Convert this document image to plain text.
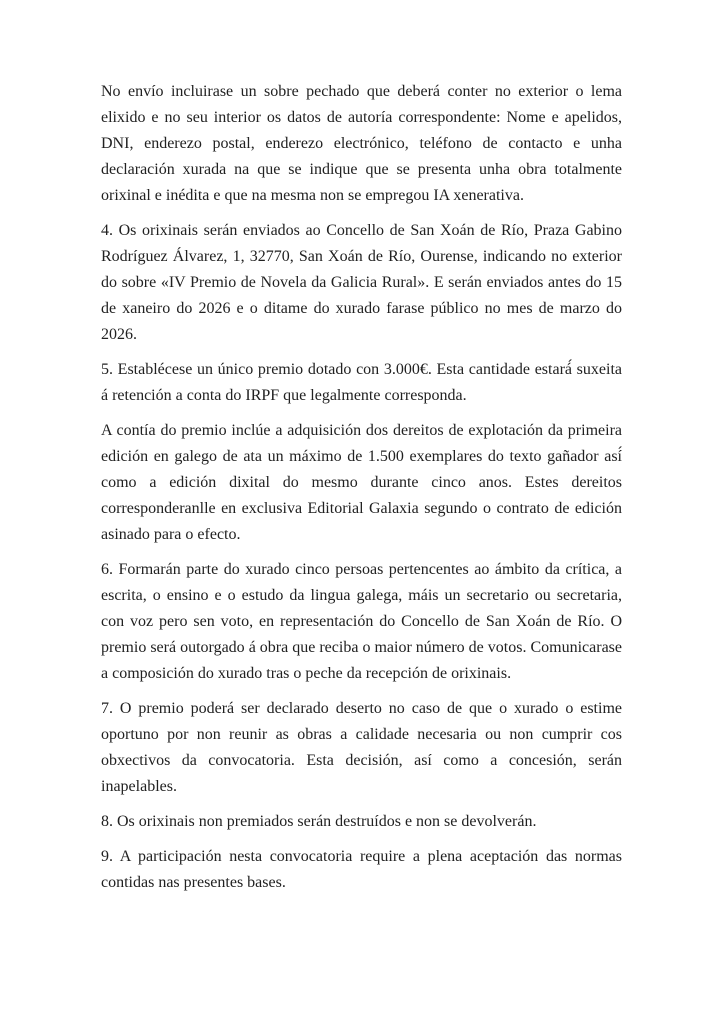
No envío incluirase un sobre pechado que deberá conter no exterior o lema elixido e no seu interior os datos de autoría correspondente: Nome e apelidos, DNI, enderezo postal, enderezo electrónico, teléfono de contacto e unha declaración xurada na que se indique que se presenta unha obra totalmente orixinal e inédita e que na mesma non se empregou IA xenerativa.

4. Os orixinais serán enviados ao Concello de San Xoán de Río, Praza Gabino Rodríguez Álvarez, 1, 32770, San Xoán de Río, Ourense, indicando no exterior do sobre «IV Premio de Novela da Galicia Rural». E serán enviados antes do 15 de xaneiro do 2026 e o ditame do xurado farase público no mes de marzo do 2026.

5. Establécese un único premio dotado con 3.000€. Esta cantidade estará́ suxeita á retención a conta do IRPF que legalmente corresponda.

A contía do premio inclúe a adquisición dos dereitos de explotación da primeira edición en galego de ata un máximo de 1.500 exemplares do texto gañador así́ como a edición dixital do mesmo durante cinco anos. Estes dereitos corresponderanlle en exclusiva Editorial Galaxia segundo o contrato de edición asinado para o efecto.

6. Formarán parte do xurado cinco persoas pertencentes ao ámbito da crítica, a escrita, o ensino e o estudo da lingua galega, máis un secretario ou secretaria, con voz pero sen voto, en representación do Concello de San Xoán de Río. O premio será outorgado á obra que reciba o maior número de votos. Comunicarase a composición do xurado tras o peche da recepción de orixinais.

7. O premio poderá ser declarado deserto no caso de que o xurado o estime oportuno por non reunir as obras a calidade necesaria ou non cumprir cos obxectivos da convocatoria. Esta decisión, así como a concesión, serán inapelables.

8. Os orixinais non premiados serán destruídos e non se devolverán.

9. A participación nesta convocatoria require a plena aceptación das normas contidas nas presentes bases.
